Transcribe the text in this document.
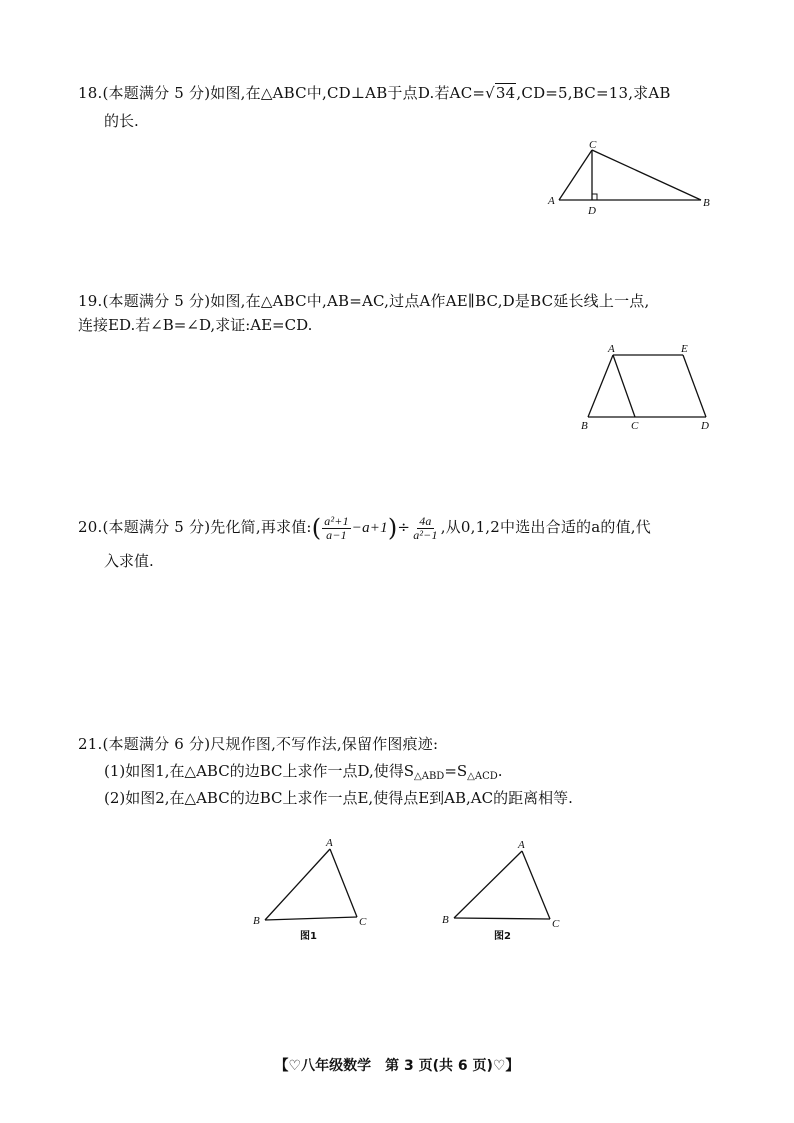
18.(本题满分 5 分)如图,在△ABC中,CD⊥AB于点D.若AC=√34,CD=5,BC=13,求AB
的长.
A
C
D
B
19.(本题满分 5 分)如图,在△ABC中,AB=AC,过点A作AE∥BC,D是BC延长线上一点,
连接ED.若∠B=∠D,求证:AE=CD.
A	E
B	C	D
20.(本题满分 5 分)先化简,再求值:( $\frac{\text{a²+1}}{a-1} -a+1)\div \frac{4a}{\text{a²−1}}$ ,从0,1,2中选出合适的a的值,代
入求值.
21.(本题满分 6 分)尺规作图,不写作法,保留作图痕迹:
(1)如图1,在△ABC的边BC上求作一点D,使得$S_{\triangle ABD}=S_{\triangle ACD}$.
(2)如图2,在△ABC的边BC上求作一点E,使得点E到AB,AC的距离相等.
A
B	C
图1
A
B	C
图2
【♡八年级数学　第 3 页(共 6 页)♡】
